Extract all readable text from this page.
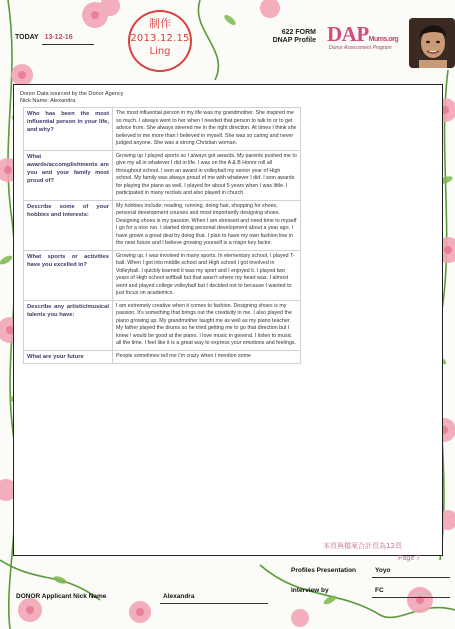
TODAY 13-12-16
制作
2013.12.15
Ling
622 FORM
DNAP Profile DAPMums.org
Donor Assessment Program
Donor Data sourced by the Donor Agency
Nick Name: Alexandra
Who has been the most influential person in your life, and why?	The most influential person in my life was my grandmother. She inspired me so much. I always went to her when I needed that person to talk to or to get advice from. She always steered me in the right direction. At times I think she believed in me more than I believed in myself. She was so caring and never judged anyone. She was a strong Christian woman.
What awards/accomplishments are you and your family most proud of?	Growing up I played sports so I always got awards. My parents pushed me to give my all in whatever I did in life. I was on the A & B Honor roll all throughout school. I won an award in volleyball my senior year of High school. My family was always proud of me with whatever I did. I won awards for playing the piano as well. I played for about 5 years when I was little. I participated in many recitals and also played in church.
Describe some of your hobbies and interests:	My hobbies include; reading, running, doing hair, shopping for shoes, personal development courses and most importantly designing shoes. Designing shoes is my passion. When I am stressed and need time to myself I go for a nice run. I started doing personal development about a year ago. I have grown a great deal by doing that. I plan to have my own fashion line in the near future and I believe growing yourself is a major key factor.
What sports or activities have you excelled in?	Growing up, I was involved in many sports. In elementary school, I played T-ball. When I got into middle school and High school I got involved in Volleyball. I quickly learned it was my sport and I enjoyed it. I played two years of High school softball but that wasn't where my heart was. I almost went and played college volleyball but I decided not to because I wanted to just focus on academics.
Describe any artistic/musical talents you have:	I am extremely creative when it comes to fashion. Designing shoes is my passion. It's something that brings out the creativity in me. I also played the piano growing up. My grandmother taught me as well as my piano teacher. My father played the drums so he tried getting me to go that direction but I knew I would be good at the piano. I love music in general. I listen to music all the time. I feel like it is a great way to express your emotions and feelings.
What are your future	People sometimes tell me I'm crazy when I mention some
本頁與檔案合計頁為12頁
Page 7
Profiles Presentation	Yoyo
Interview by	FC
DONOR Applicant Nick Name	Alexandra
